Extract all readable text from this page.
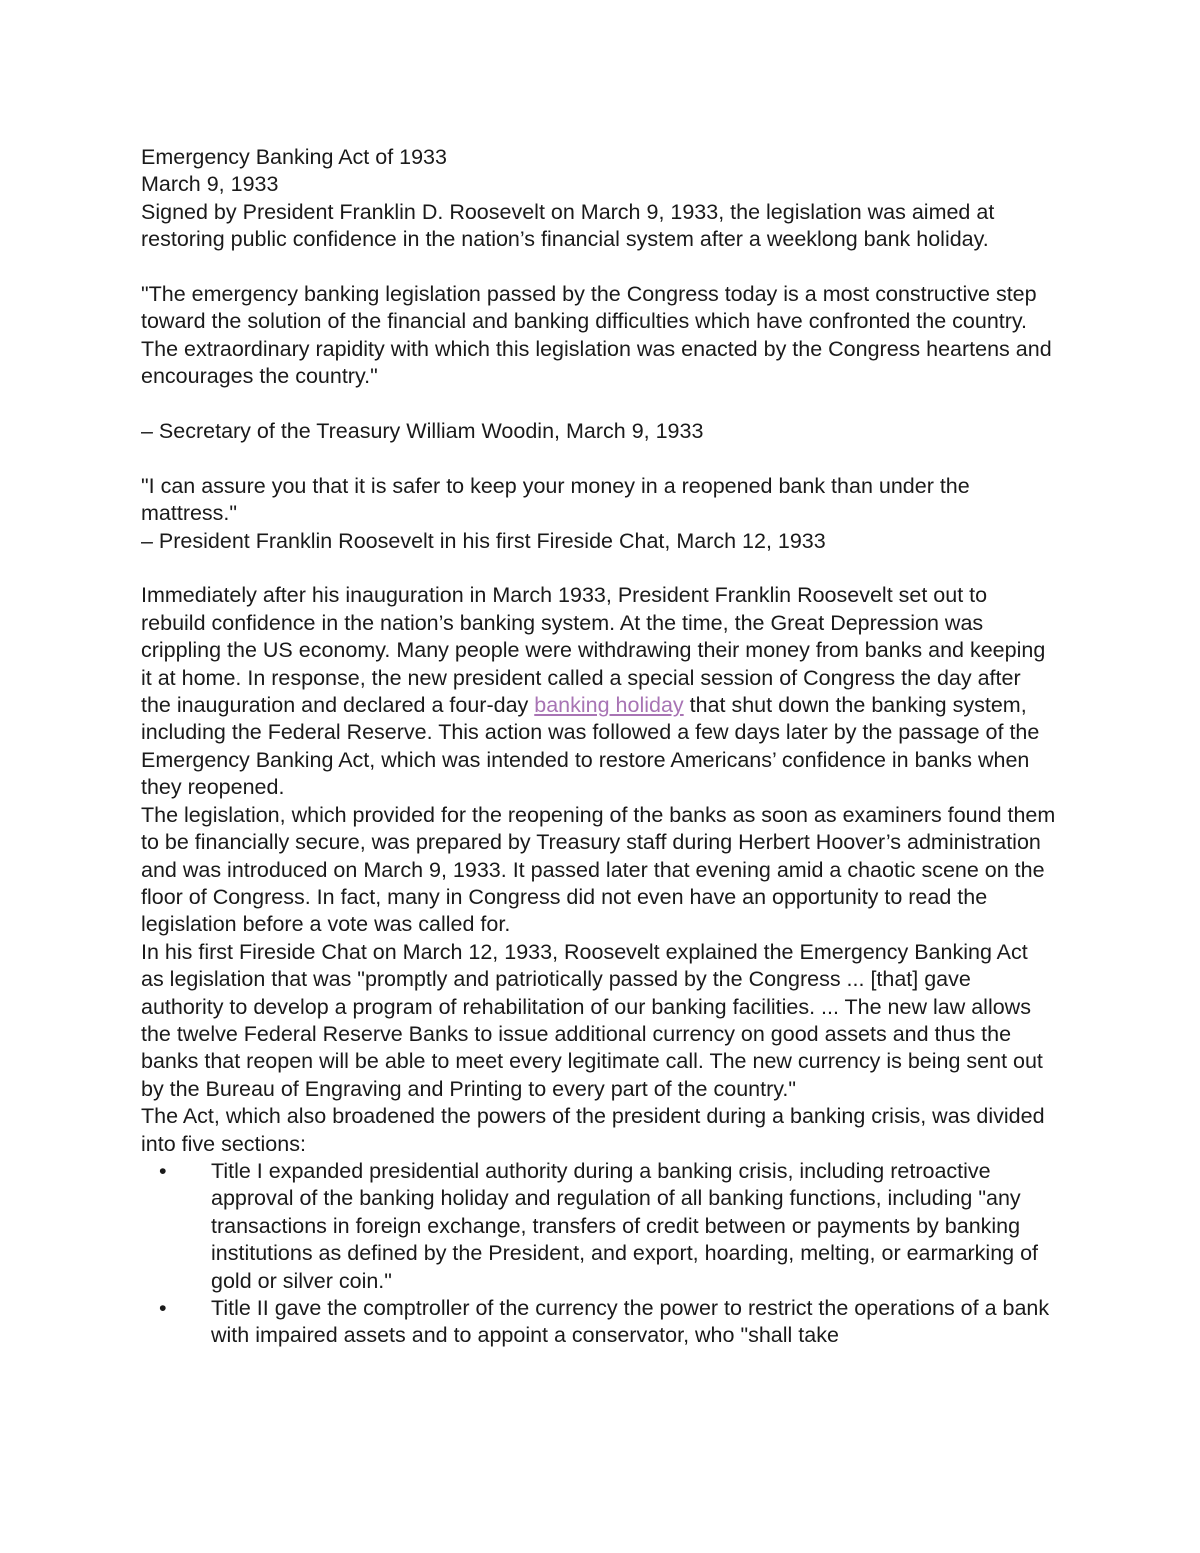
Emergency Banking Act of 1933

March 9, 1933

Signed by President Franklin D. Roosevelt on March 9, 1933, the legislation was aimed at restoring public confidence in the nation’s financial system after a weeklong bank holiday.

"The emergency banking legislation passed by the Congress today is a most constructive step toward the solution of the financial and banking difficulties which have confronted the country. The extraordinary rapidity with which this legislation was enacted by the Congress heartens and encourages the country."

– Secretary of the Treasury William Woodin, March 9, 1933

"I can assure you that it is safer to keep your money in a reopened bank than under the mattress."

– President Franklin Roosevelt in his first Fireside Chat, March 12, 1933

Immediately after his inauguration in March 1933, President Franklin Roosevelt set out to rebuild confidence in the nation’s banking system. At the time, the Great Depression was crippling the US economy. Many people were withdrawing their money from banks and keeping it at home. In response, the new president called a special session of Congress the day after the inauguration and declared a four-day banking holiday that shut down the banking system, including the Federal Reserve. This action was followed a few days later by the passage of the Emergency Banking Act, which was intended to restore Americans’ confidence in banks when they reopened.

The legislation, which provided for the reopening of the banks as soon as examiners found them to be financially secure, was prepared by Treasury staff during Herbert Hoover’s administration and was introduced on March 9, 1933. It passed later that evening amid a chaotic scene on the floor of Congress. In fact, many in Congress did not even have an opportunity to read the legislation before a vote was called for.

In his first Fireside Chat on March 12, 1933, Roosevelt explained the Emergency Banking Act as legislation that was "promptly and patriotically passed by the Congress ... [that] gave authority to develop a program of rehabilitation of our banking facilities. ... The new law allows the twelve Federal Reserve Banks to issue additional currency on good assets and thus the banks that reopen will be able to meet every legitimate call. The new currency is being sent out by the Bureau of Engraving and Printing to every part of the country."

The Act, which also broadened the powers of the president during a banking crisis, was divided into five sections:

• Title I expanded presidential authority during a banking crisis, including retroactive approval of the banking holiday and regulation of all banking functions, including "any transactions in foreign exchange, transfers of credit between or payments by banking institutions as defined by the President, and export, hoarding, melting, or earmarking of gold or silver coin."
• Title II gave the comptroller of the currency the power to restrict the operations of a bank with impaired assets and to appoint a conservator, who "shall take
